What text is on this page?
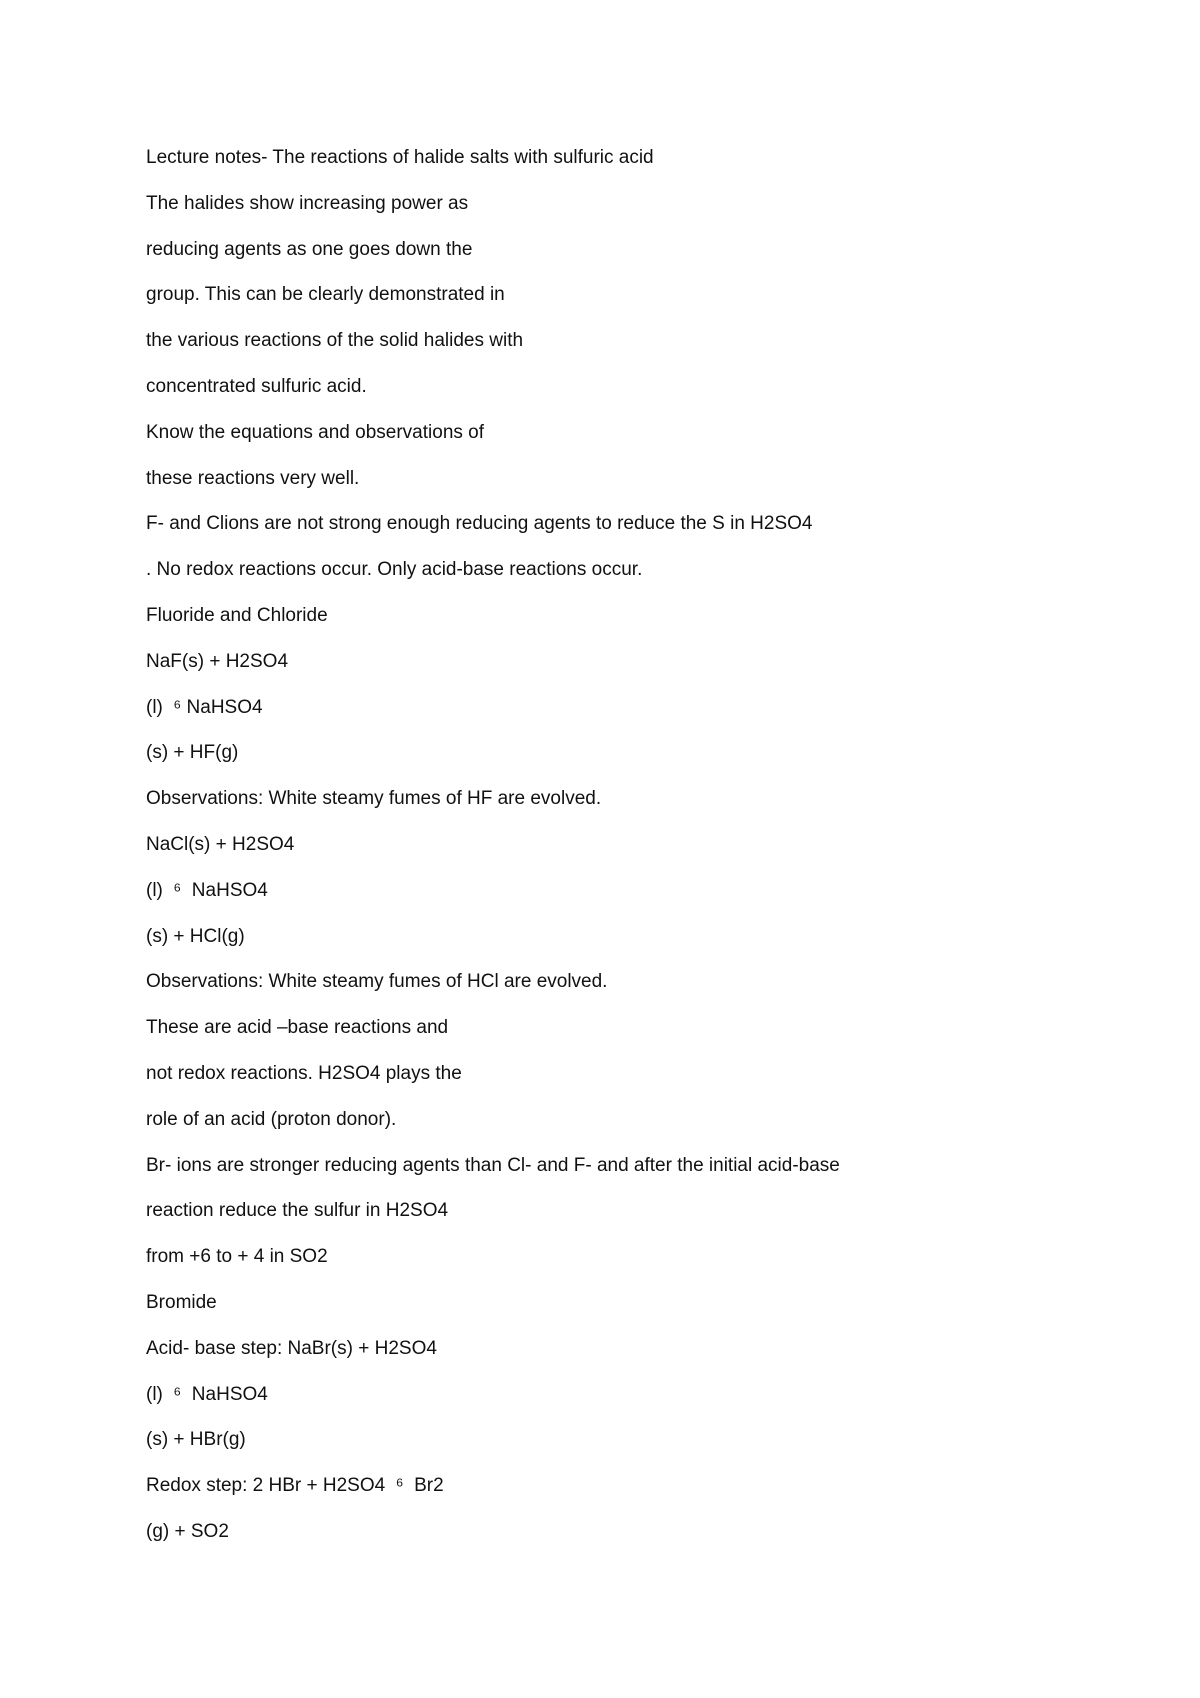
Lecture notes- The reactions of halide salts with sulfuric acid
The halides show increasing power as
reducing agents as one goes down the
group. This can be clearly demonstrated in
the various reactions of the solid halides with
concentrated sulfuric acid.
Know the equations and observations of
these reactions very well.
F- and Clions are not strong enough reducing agents to reduce the S in H2SO4
. No redox reactions occur. Only acid-base reactions occur.
Fluoride and Chloride
NaF(s) + H2SO4
(l)  ⁶ NaHSO4
(s) + HF(g)
Observations: White steamy fumes of HF are evolved.
NaCl(s) + H2SO4
(l)  ⁶  NaHSO4
(s) + HCl(g)
Observations: White steamy fumes of HCl are evolved.
These are acid –base reactions and
not redox reactions. H2SO4 plays the
role of an acid (proton donor).
Br- ions are stronger reducing agents than Cl- and F- and after the initial acid-base
reaction reduce the sulfur in H2SO4
from +6 to + 4 in SO2
Bromide
Acid- base step: NaBr(s) + H2SO4
(l)  ⁶  NaHSO4
(s) + HBr(g)
Redox step: 2 HBr + H2SO4  ⁶  Br2
(g) + SO2
